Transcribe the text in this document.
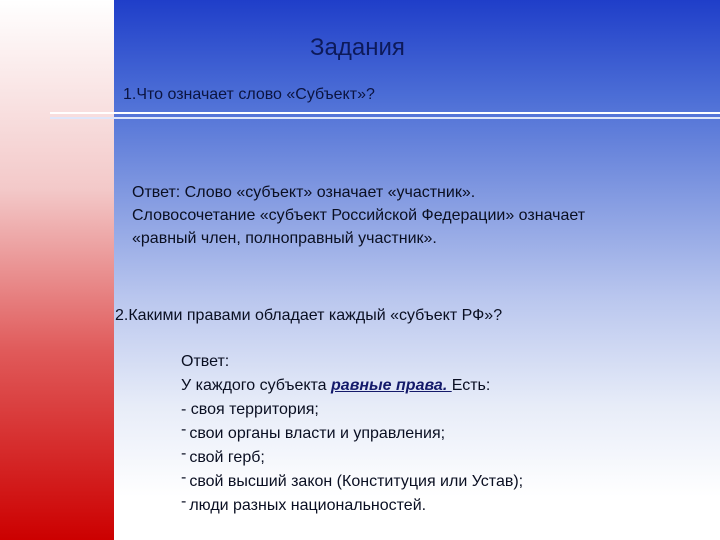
Задания
1.Что означает слово «Субъект»?
Ответ: Слово «субъект» означает «участник».
Словосочетание «субъект Российской Федерации» означает
«равный член, полноправный участник».
2.Какими правами обладает каждый «субъект РФ»?
Ответ:
У каждого субъекта равные права. Есть:
- своя территория;
- свои органы власти и управления;
- свой герб;
- свой высший закон (Конституция или Устав);
- люди разных национальностей.
